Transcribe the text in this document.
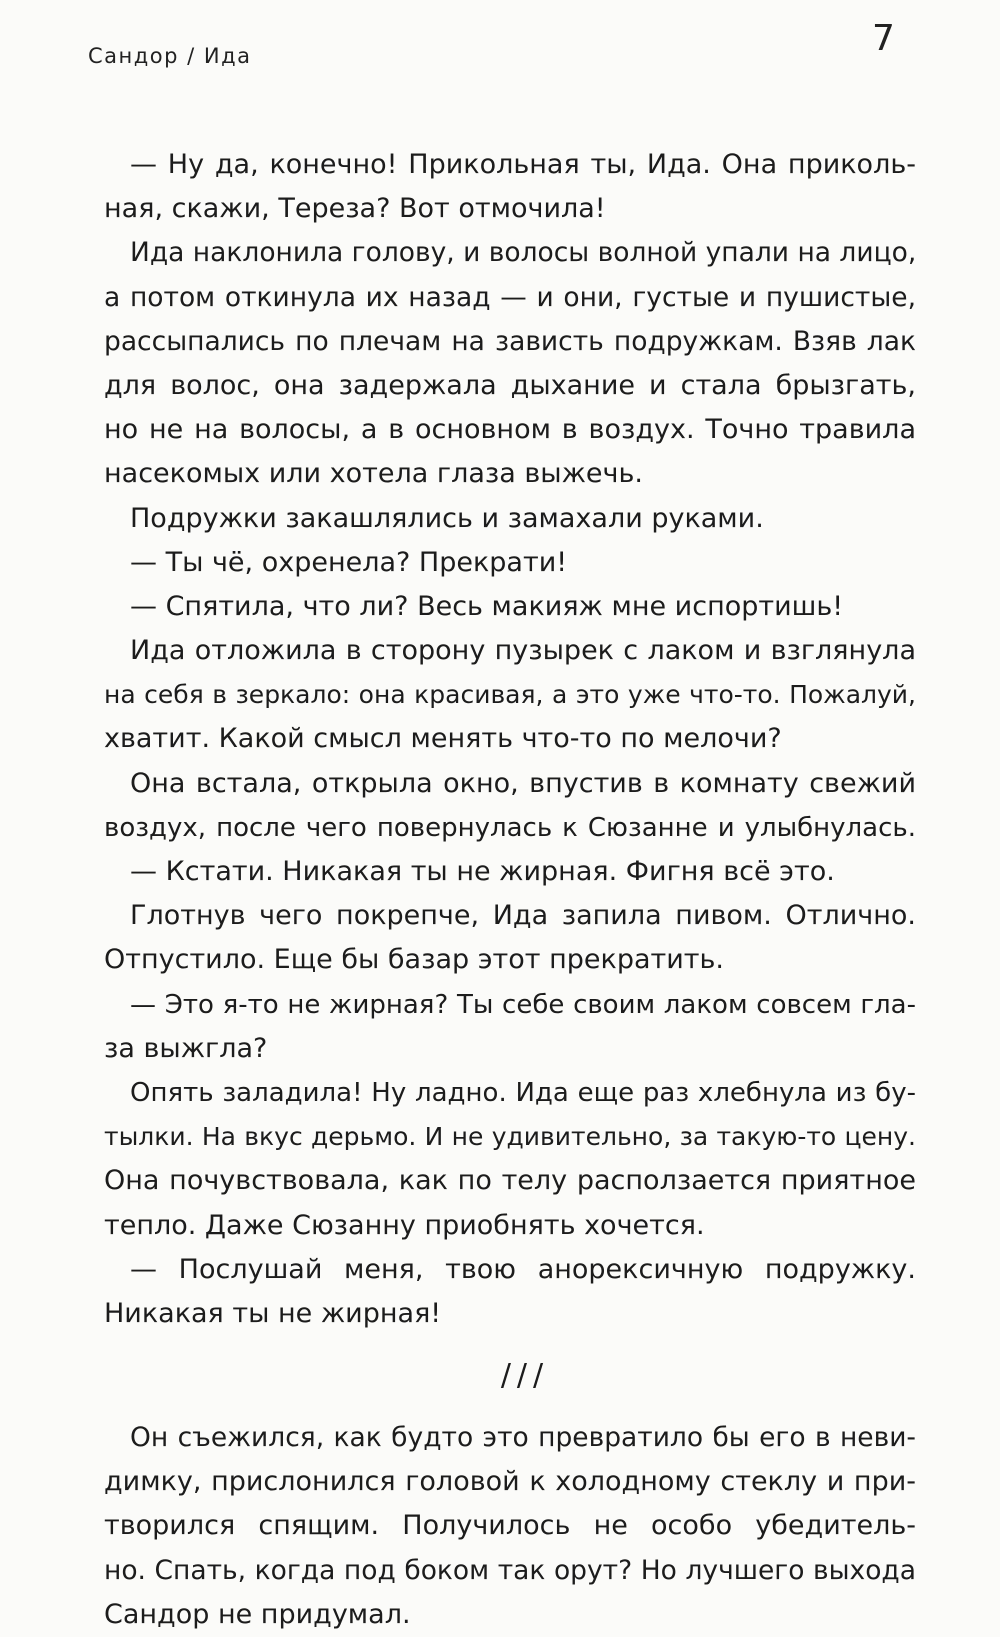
Сандор / Ида	7
— Ну да, конечно! Прикольная ты, Ида. Она приколь-
ная, скажи, Тереза? Вот отмочила!
Ида наклонила голову, и волосы волной упали на лицо,
а потом откинула их назад — и они, густые и пушистые,
рассыпались по плечам на зависть подружкам. Взяв лак
для волос, она задержала дыхание и стала брызгать,
но не на волосы, а в основном в воздух. Точно травила
насекомых или хотела глаза выжечь.
Подружки закашлялись и замахали руками.
— Ты чё, охренела? Прекрати!
— Спятила, что ли? Весь макияж мне испортишь!
Ида отложила в сторону пузырек с лаком и взглянула
на себя в зеркало: она красивая, а это уже что-то. Пожалуй,
хватит. Какой смысл менять что-то по мелочи?
Она встала, открыла окно, впустив в комнату свежий
воздух, после чего повернулась к Сюзанне и улыбнулась.
— Кстати. Никакая ты не жирная. Фигня всё это.
Глотнув чего покрепче, Ида запила пивом. Отлично.
Отпустило. Еще бы базар этот прекратить.
— Это я-то не жирная? Ты себе своим лаком совсем гла-
за выжгла?
Опять заладила! Ну ладно. Ида еще раз хлебнула из бу-
тылки. На вкус дерьмо. И не удивительно, за такую-то цену.
Она почувствовала, как по телу расползается приятное
тепло. Даже Сюзанну приобнять хочется.
— Послушай меня, твою анорексичную подружку.
Никакая ты не жирная!
///
Он съежился, как будто это превратило бы его в неви-
димку, прислонился головой к холодному стеклу и при-
творился спящим. Получилось не особо убедитель-
но. Спать, когда под боком так орут? Но лучшего выхода
Сандор не придумал.
